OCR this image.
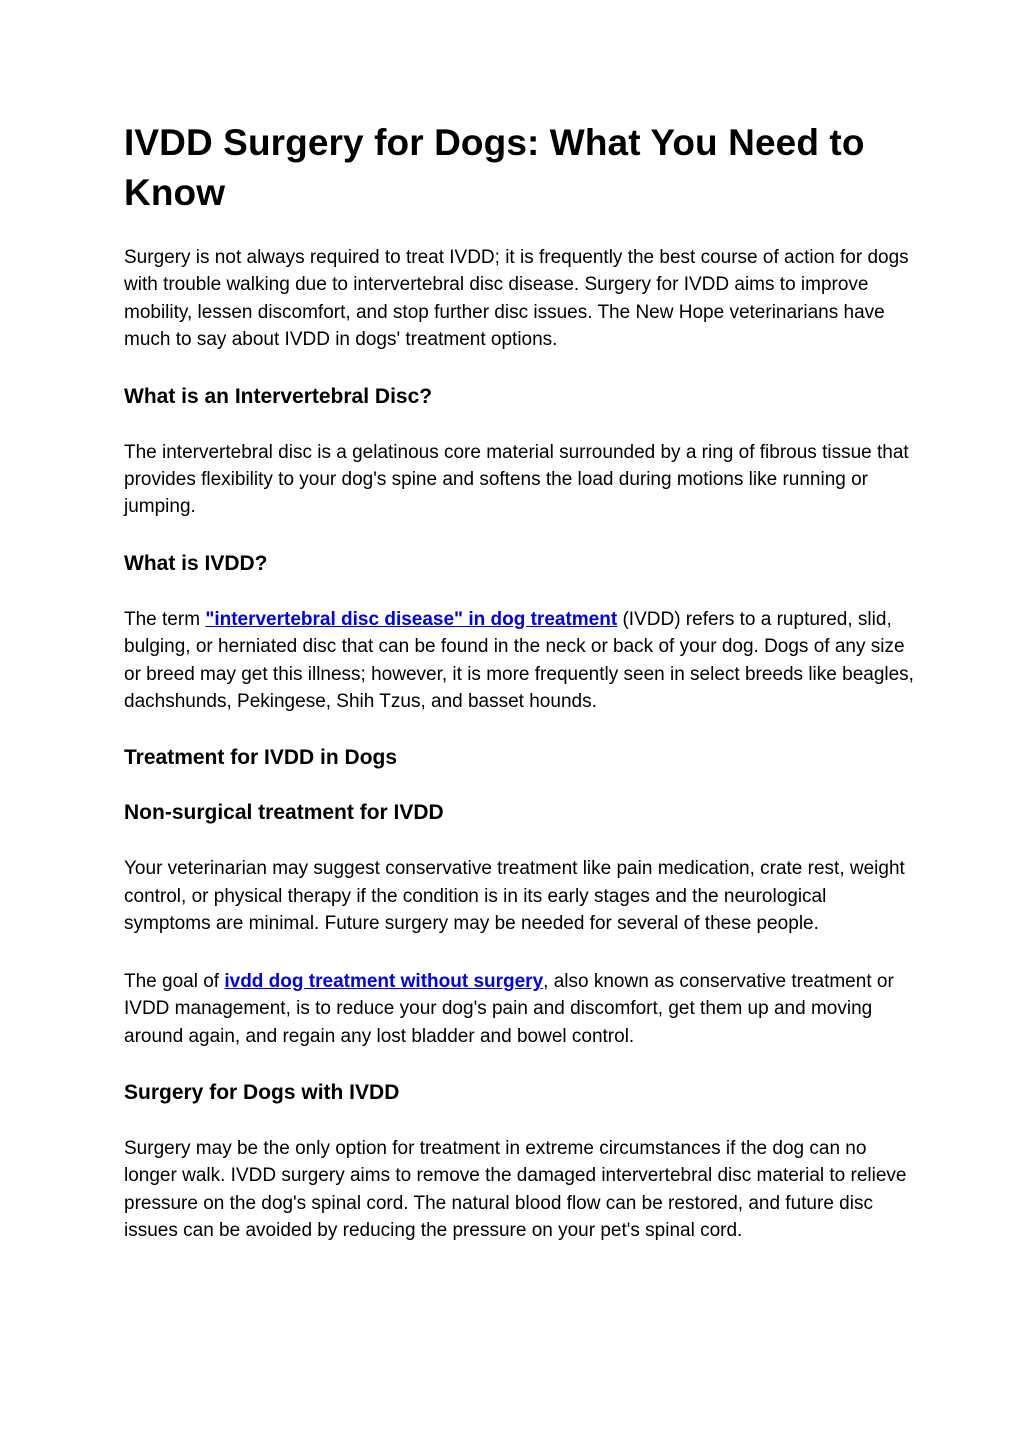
IVDD Surgery for Dogs: What You Need to Know

Surgery is not always required to treat IVDD; it is frequently the best course of action for dogs with trouble walking due to intervertebral disc disease. Surgery for IVDD aims to improve mobility, lessen discomfort, and stop further disc issues. The New Hope veterinarians have much to say about IVDD in dogs' treatment options.

What is an Intervertebral Disc?

The intervertebral disc is a gelatinous core material surrounded by a ring of fibrous tissue that provides flexibility to your dog's spine and softens the load during motions like running or jumping.

What is IVDD?

The term "intervertebral disc disease" in dog treatment (IVDD) refers to a ruptured, slid, bulging, or herniated disc that can be found in the neck or back of your dog. Dogs of any size or breed may get this illness; however, it is more frequently seen in select breeds like beagles, dachshunds, Pekingese, Shih Tzus, and basset hounds.

Treatment for IVDD in Dogs
Non-surgical treatment for IVDD

Your veterinarian may suggest conservative treatment like pain medication, crate rest, weight control, or physical therapy if the condition is in its early stages and the neurological symptoms are minimal. Future surgery may be needed for several of these people.

The goal of ivdd dog treatment without surgery, also known as conservative treatment or IVDD management, is to reduce your dog's pain and discomfort, get them up and moving around again, and regain any lost bladder and bowel control.

Surgery for Dogs with IVDD

Surgery may be the only option for treatment in extreme circumstances if the dog can no longer walk. IVDD surgery aims to remove the damaged intervertebral disc material to relieve pressure on the dog's spinal cord. The natural blood flow can be restored, and future disc issues can be avoided by reducing the pressure on your pet's spinal cord.
